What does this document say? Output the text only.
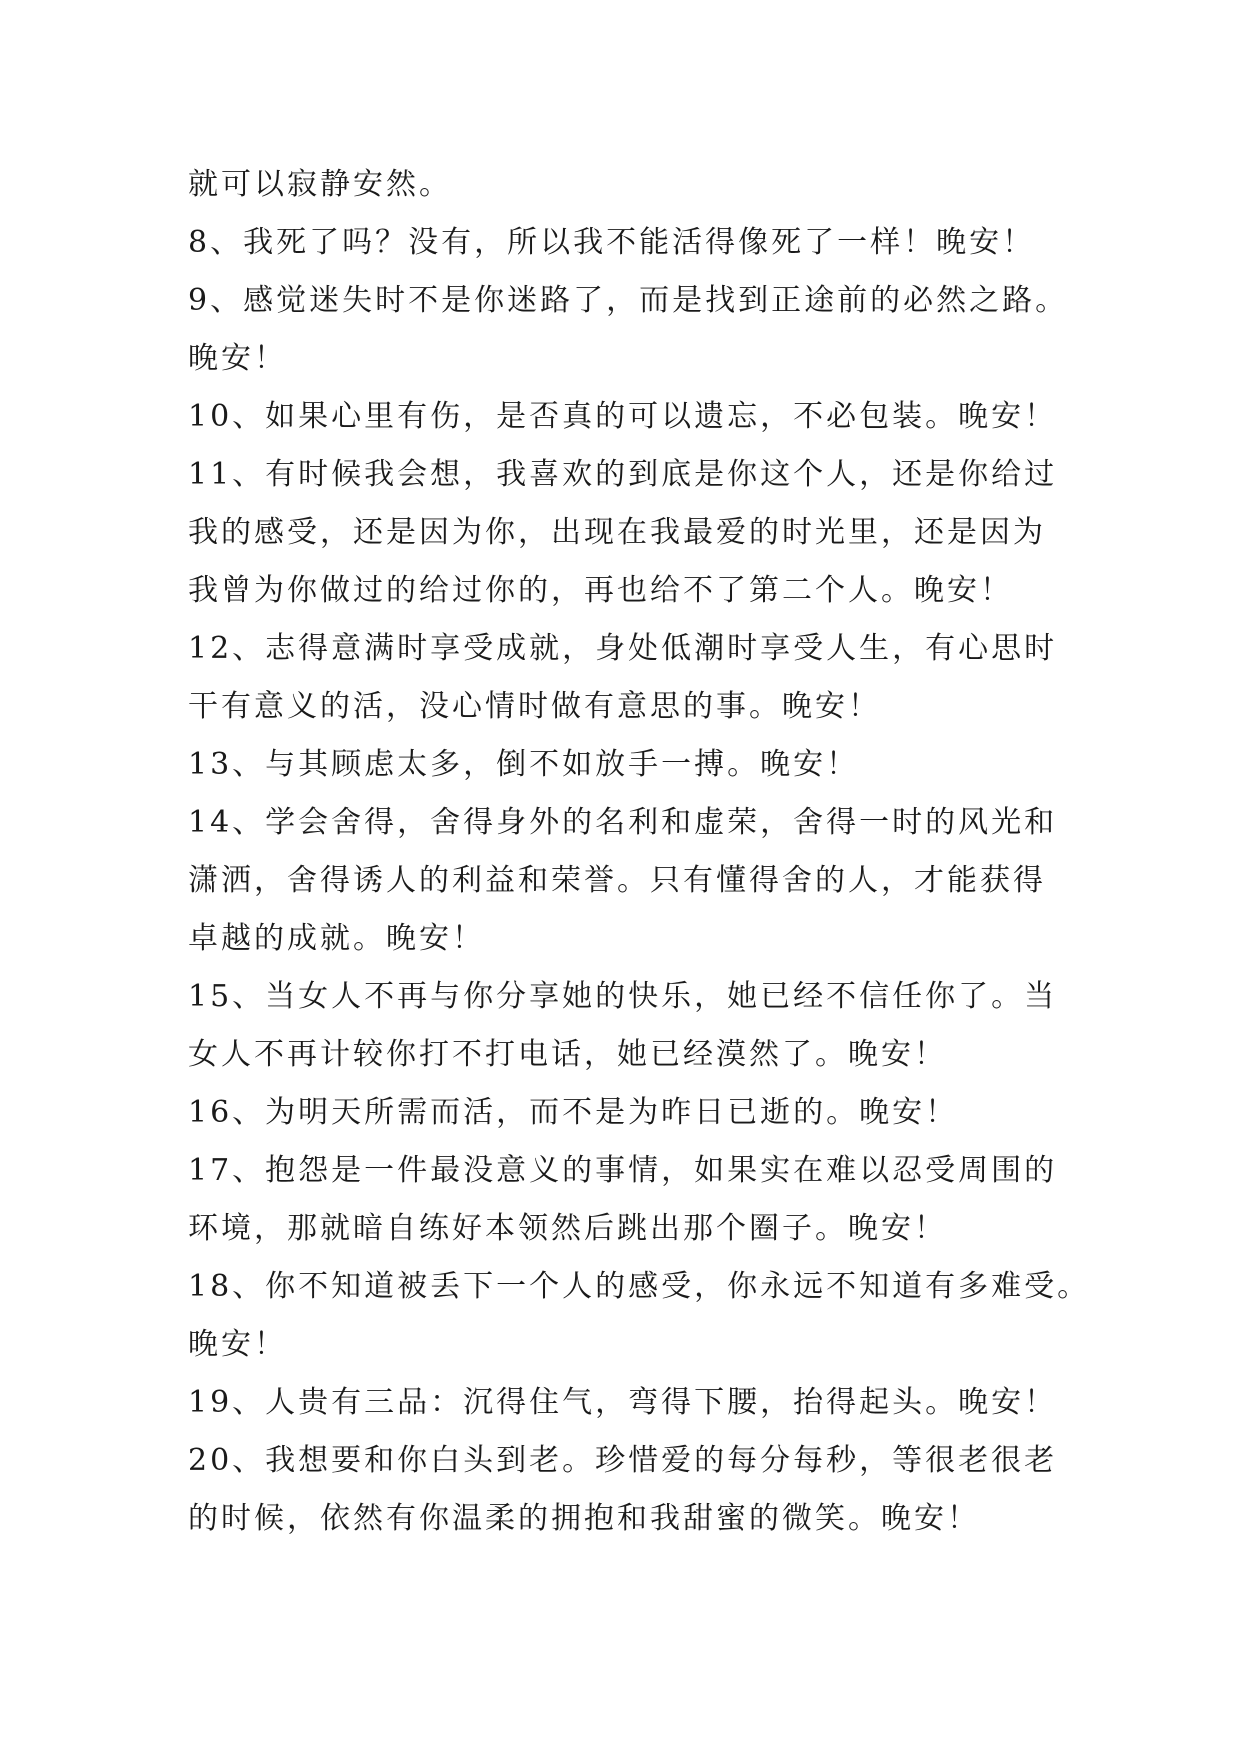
就可以寂静安然。
8、我死了吗？没有，所以我不能活得像死了一样！晚安！
9、感觉迷失时不是你迷路了，而是找到正途前的必然之路。
晚安！
10、如果心里有伤，是否真的可以遗忘，不必包装。晚安！
11、有时候我会想，我喜欢的到底是你这个人，还是你给过
我的感受，还是因为你，出现在我最爱的时光里，还是因为
我曾为你做过的给过你的，再也给不了第二个人。晚安！
12、志得意满时享受成就，身处低潮时享受人生，有心思时
干有意义的活，没心情时做有意思的事。晚安！
13、与其顾虑太多，倒不如放手一搏。晚安！
14、学会舍得，舍得身外的名利和虚荣，舍得一时的风光和
潇洒，舍得诱人的利益和荣誉。只有懂得舍的人，才能获得
卓越的成就。晚安！
15、当女人不再与你分享她的快乐，她已经不信任你了。当
女人不再计较你打不打电话，她已经漠然了。晚安！
16、为明天所需而活，而不是为昨日已逝的。晚安！
17、抱怨是一件最没意义的事情，如果实在难以忍受周围的
环境，那就暗自练好本领然后跳出那个圈子。晚安！
18、你不知道被丢下一个人的感受，你永远不知道有多难受。
晚安！
19、人贵有三品：沉得住气，弯得下腰，抬得起头。晚安！
20、我想要和你白头到老。珍惜爱的每分每秒，等很老很老
的时候，依然有你温柔的拥抱和我甜蜜的微笑。晚安！
